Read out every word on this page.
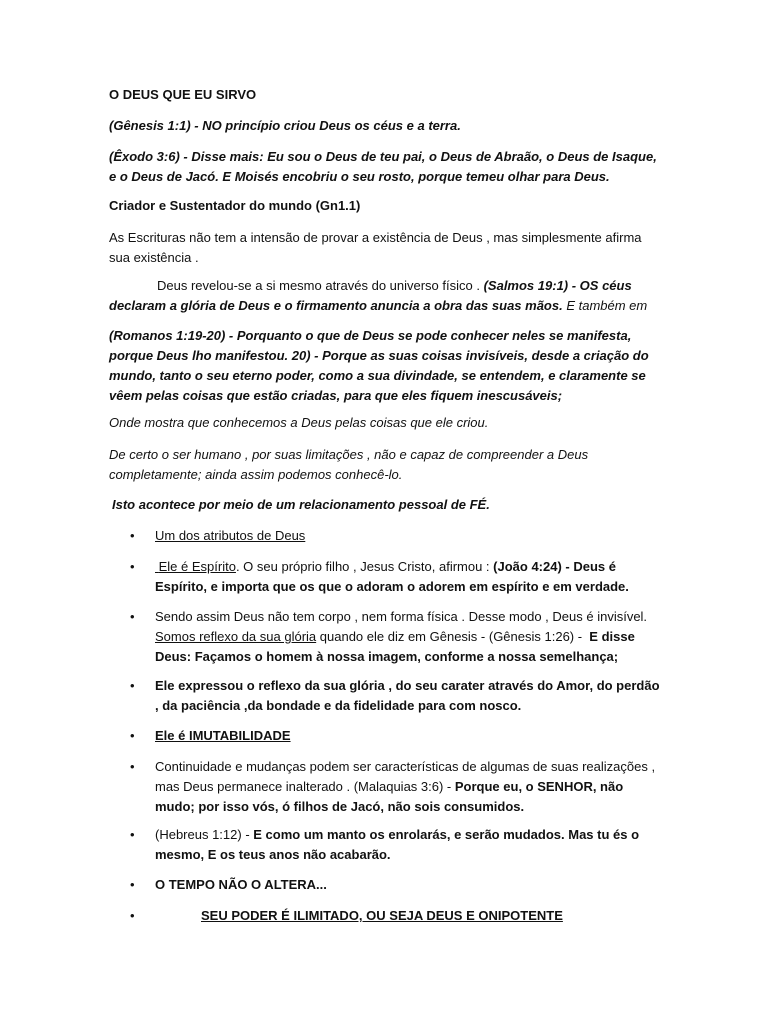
O DEUS QUE EU SIRVO

(Gênesis 1:1) - NO princípio criou Deus os céus e a terra.

(Êxodo 3:6) - Disse mais: Eu sou o Deus de teu pai, o Deus de Abraão, o Deus de Isaque, e o Deus de Jacó. E Moisés encobriu o seu rosto, porque temeu olhar para Deus.

Criador e Sustentador do mundo (Gn1.1)

As Escrituras não tem a intensão de provar a existência de Deus , mas simplesmente afirma sua existência .

Deus revelou-se a si mesmo através do universo físico . (Salmos 19:1) - OS céus declaram a glória de Deus e o firmamento anuncia a obra das suas mãos. E também em

(Romanos 1:19-20) - Porquanto o que de Deus se pode conhecer neles se manifesta, porque Deus lho manifestou. 20) - Porque as suas coisas invisíveis, desde a criação do mundo, tanto o seu eterno poder, como a sua divindade, se entendem, e claramente se vêem pelas coisas que estão criadas, para que eles fiquem inescusáveis;

Onde mostra que conhecemos a Deus pelas coisas que ele criou.

De certo o ser humano , por suas limitações , não e capaz de compreender a Deus completamente; ainda assim podemos conhecê-lo.

Isto acontece por meio de um relacionamento pessoal de FÉ.

•	Um dos atributos de Deus

•	Ele é Espírito. O seu próprio filho , Jesus Cristo, afirmou : (João 4:24) - Deus é Espírito, e importa que os que o adoram o adorem em espírito e em verdade.

•	Sendo assim Deus não tem corpo , nem forma física . Desse modo , Deus é invisível. Somos reflexo da sua glória quando ele diz em Gênesis - (Gênesis 1:26) -  E disse Deus: Façamos o homem à nossa imagem, conforme a nossa semelhança;

•	Ele expressou o reflexo da sua glória , do seu carater através do Amor, do perdão , da paciência ,da bondade e da fidelidade para com nosco.

•	Ele é IMUTABILIDADE

•	Continuidade e mudanças podem ser características de algumas de suas realizações , mas Deus permanece inalterado . (Malaquias 3:6) - Porque eu, o SENHOR, não mudo; por isso vós, ó filhos de Jacó, não sois consumidos.

•	(Hebreus 1:12) - E como um manto os enrolarás, e serão mudados. Mas tu és o mesmo, E os teus anos não acabarão.

•	O TEMPO NÃO O ALTERA...

•	SEU PODER É ILIMITADO, OU SEJA DEUS E ONIPOTENTE
